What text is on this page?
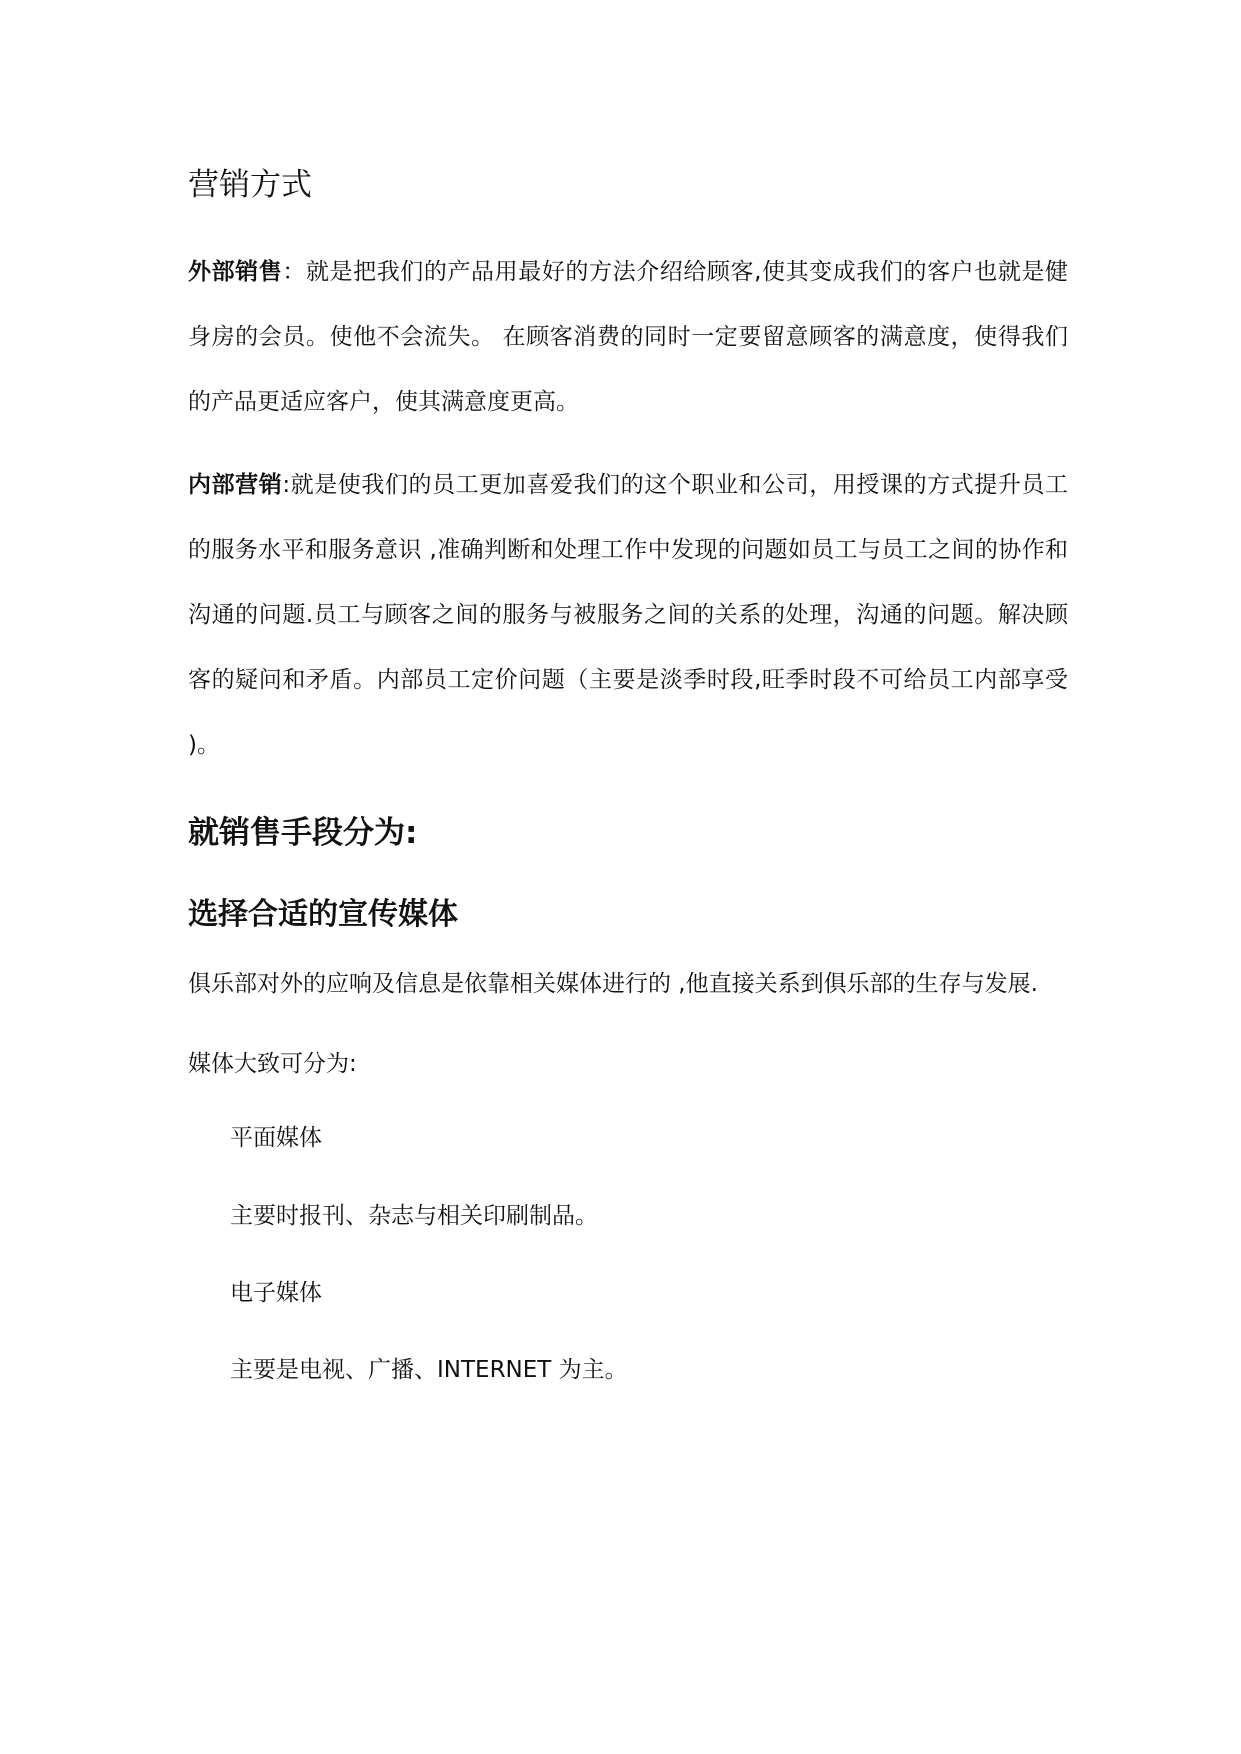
营销方式

外部销售：就是把我们的产品用最好的方法介绍给顾客,使其变成我们的客户也就是健身房的会员。使他不会流失。 在顾客消费的同时一定要留意顾客的满意度，使得我们的产品更适应客户，使其满意度更高。

内部营销:就是使我们的员工更加喜爱我们的这个职业和公司，用授课的方式提升员工的服务水平和服务意识 ,准确判断和处理工作中发现的问题如员工与员工之间的协作和沟通的问题.员工与顾客之间的服务与被服务之间的关系的处理，沟通的问题。解决顾客的疑问和矛盾。内部员工定价问题（主要是淡季时段,旺季时段不可给员工内部享受 )。

就销售手段分为:
选择合适的宣传媒体

俱乐部对外的应响及信息是依靠相关媒体进行的 ,他直接关系到俱乐部的生存与发展.

媒体大致可分为:

平面媒体

主要时报刊、杂志与相关印刷制品。

电子媒体

主要是电视、广播、INTERNET 为主。
